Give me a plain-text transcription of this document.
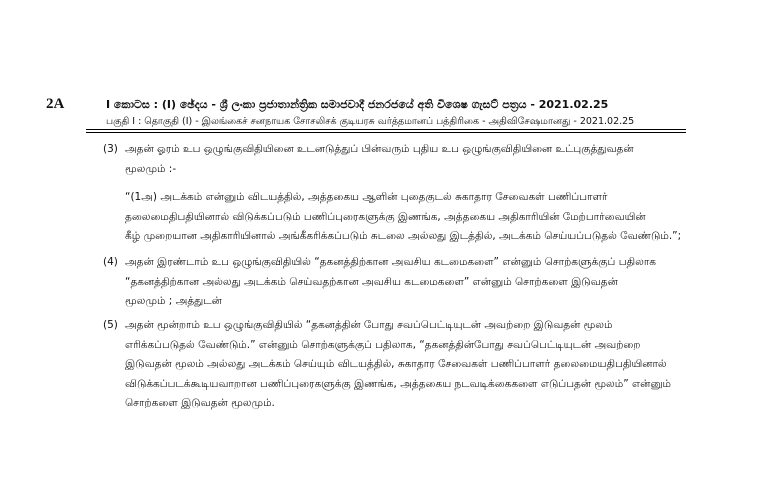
2A	I කොටස : (I) ඡේදය - ශ්‍රී ලංකා ප්‍රජාතාන්ත්‍රික සමාජවාදී ජනරජයේ අති විශෙෂ ගැසට් පත්‍රය - 2021.02.25
பகுதி I : தொகுதி (I) - இலங்கைச் சனநாயக சோசலிசக் குடியரசு வர்த்தமானப் பத்திரிகை - அதிவிசேஷமானது - 2021.02.25
(3) அதன் ஓரம் உப ஒழுங்குவிதியினை உடனடுத்துப் பின்வரும் புதிய உப ஒழுங்குவிதியினை உட்புகுத்துவதன்
மூலமும் :-
“(1அ) அடக்கம் என்னும் விடயத்தில், அத்தகைய ஆளின் புதைகுடல் சுகாதார சேவைகள் பணிப்பாளர்
தலைமைதிபதியினால் விடுக்கப்படும் பணிப்புரைகளுக்கு இணங்க, அத்தகைய அதிகாரியின் மேற்பார்வையின்
கீழ் முறையான அதிகாரியினால் அங்கீகரிக்கப்படும் சுடலை அல்லது இடத்தில், அடக்கம் செய்யப்படுதல் வேண்டும்.”;
(4) அதன் இரண்டாம் உப ஒழுங்குவிதியில் “தகனத்திற்கான அவசிய கடமைகளை” என்னும் சொற்களுக்குப் பதிலாக
“தகனத்திற்கான அல்லது அடக்கம் செய்வதற்கான அவசிய கடமைகளை” என்னும் சொற்களை இடுவதன்
மூலமும் ; அத்துடன்
(5) அதன் மூன்றாம் உப ஒழுங்குவிதியில் “தகனத்தின் போது சவப்பெட்டியுடன் அவற்றை இடுவதன் மூலம்
எரிக்கப்படுதல் வேண்டும்.” என்னும் சொற்களுக்குப் பதிலாக, “தகனத்தின்போது சவப்பெட்டியுடன் அவற்றை
இடுவதன் மூலம் அல்லது அடக்கம் செய்யும் விடயத்தில், சுகாதார சேவைகள் பணிப்பாளர் தலைமையதிபதியினால்
விடுக்கப்படக்கூடியவாறான பணிப்புரைகளுக்கு இணங்க, அத்தகைய நடவடிக்கைகளை எடுப்பதன் மூலம்” என்னும்
சொற்களை இடுவதன் மூலமும்.
